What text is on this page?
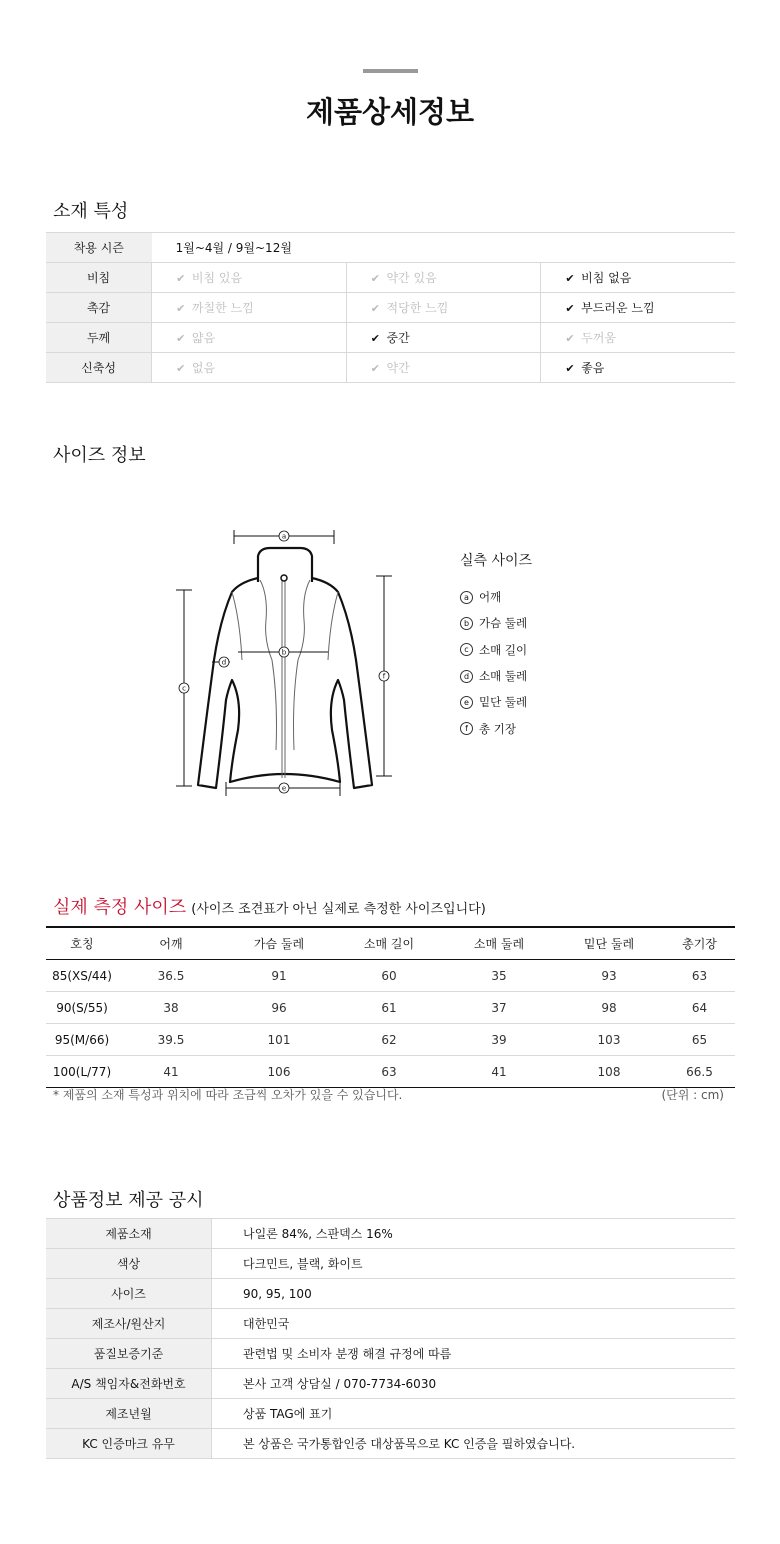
제품상세정보
소재 특성
착용 시즌	1월~4월 / 9월~12월		
비침	✔ 비침 있음	✔ 약간 있음	✔ 비침 없음
촉감	✔ 까칠한 느낌	✔ 적당한 느낌	✔ 부드러운 느낌
두께	✔ 얇음	✔ 중간	✔ 두꺼움
신축성	✔ 없음	✔ 약간	✔ 좋음
사이즈 정보
a
b
c
d
e
f
실측 사이즈
a 어깨
b 가슴 둘레
c 소매 길이
d 소매 둘레
e 밑단 둘레
f 총 기장
실제 측정 사이즈 (사이즈 조견표가 아닌 실제로 측정한 사이즈입니다)
호칭	어깨	가슴 둘레	소매 길이	소매 둘레	밑단 둘레	총기장
85(XS/44)	36.5	91	60	35	93	63
90(S/55)	38	96	61	37	98	64
95(M/66)	39.5	101	62	39	103	65
100(L/77)	41	106	63	41	108	66.5
* 제품의 소재 특성과 위치에 따라 조금씩 오차가 있을 수 있습니다.	(단위 : cm)
상품정보 제공 공시
제품소재	나일론 84%, 스판덱스 16%
색상	다크민트, 블랙, 화이트
사이즈	90, 95, 100
제조사/원산지	대한민국
품질보증기준	관련법 및 소비자 분쟁 해결 규정에 따름
A/S 책임자&전화번호	본사 고객 상담실 / 070-7734-6030
제조년월	상품 TAG에 표기
KC 인증마크 유무	본 상품은 국가통합인증 대상품목으로 KC 인증을 필하였습니다.
